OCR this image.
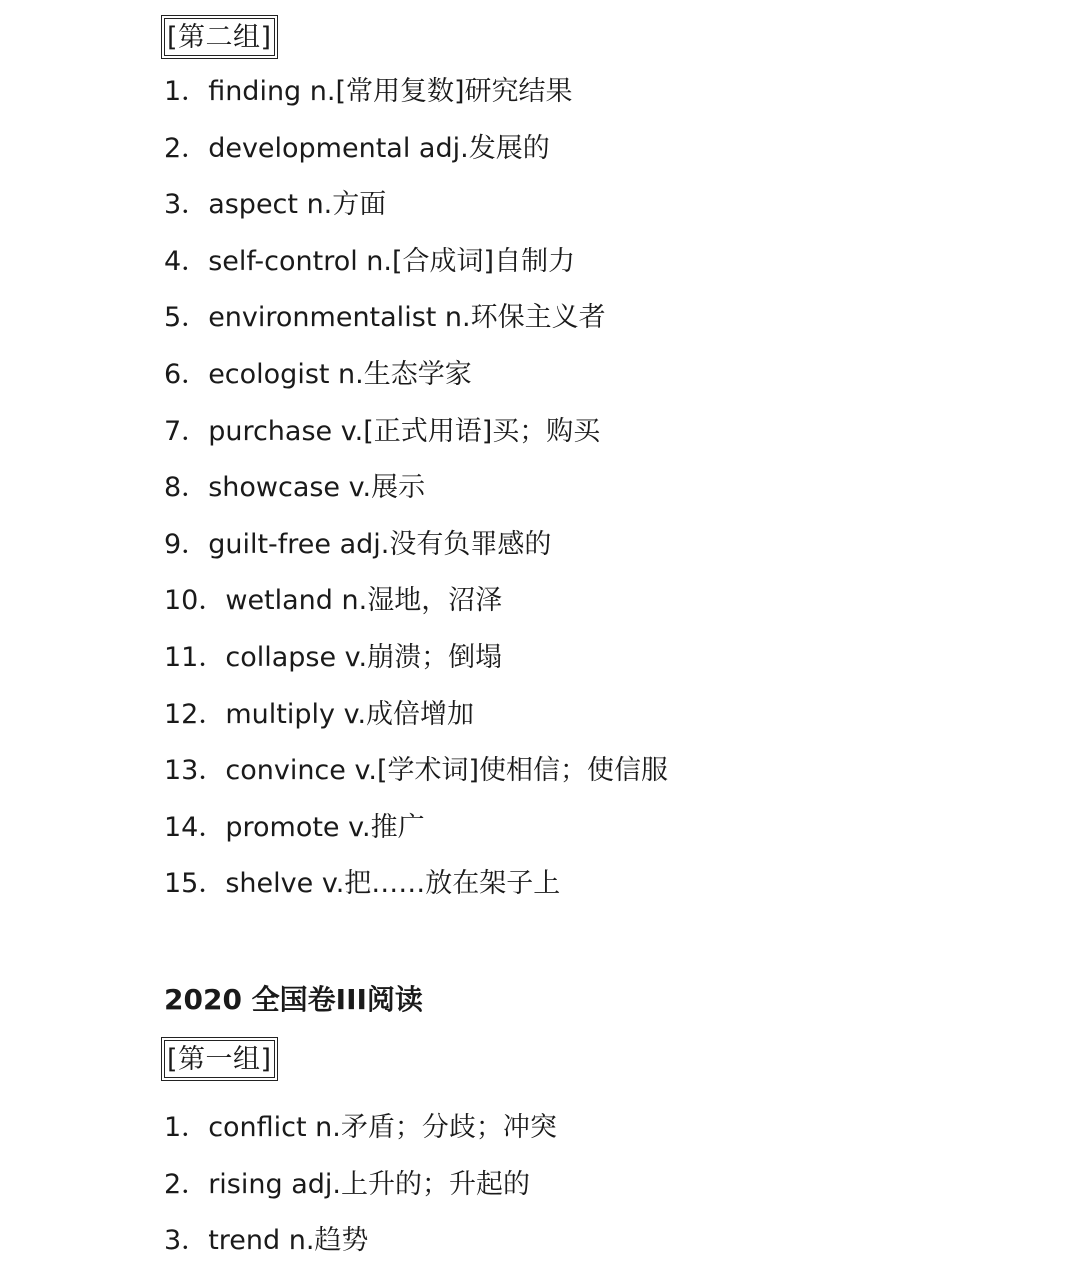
[第二组]
1．finding n.[常用复数]研究结果
2．developmental adj.发展的
3．aspect n.方面
4．self-control n.[合成词]自制力
5．environmentalist n.环保主义者
6．ecologist n.生态学家
7．purchase v.[正式用语]买；购买
8．showcase v.展示
9．guilt-free adj.没有负罪感的
10．wetland n.湿地，沼泽
11．collapse v.崩溃；倒塌
12．multiply v.成倍增加
13．convince v.[学术词]使相信；使信服
14．promote v.推广
15．shelve v.把……放在架子上
2020 全国卷III阅读
[第一组]
1．conflict n.矛盾；分歧；冲突
2．rising adj.上升的；升起的
3．trend n.趋势
